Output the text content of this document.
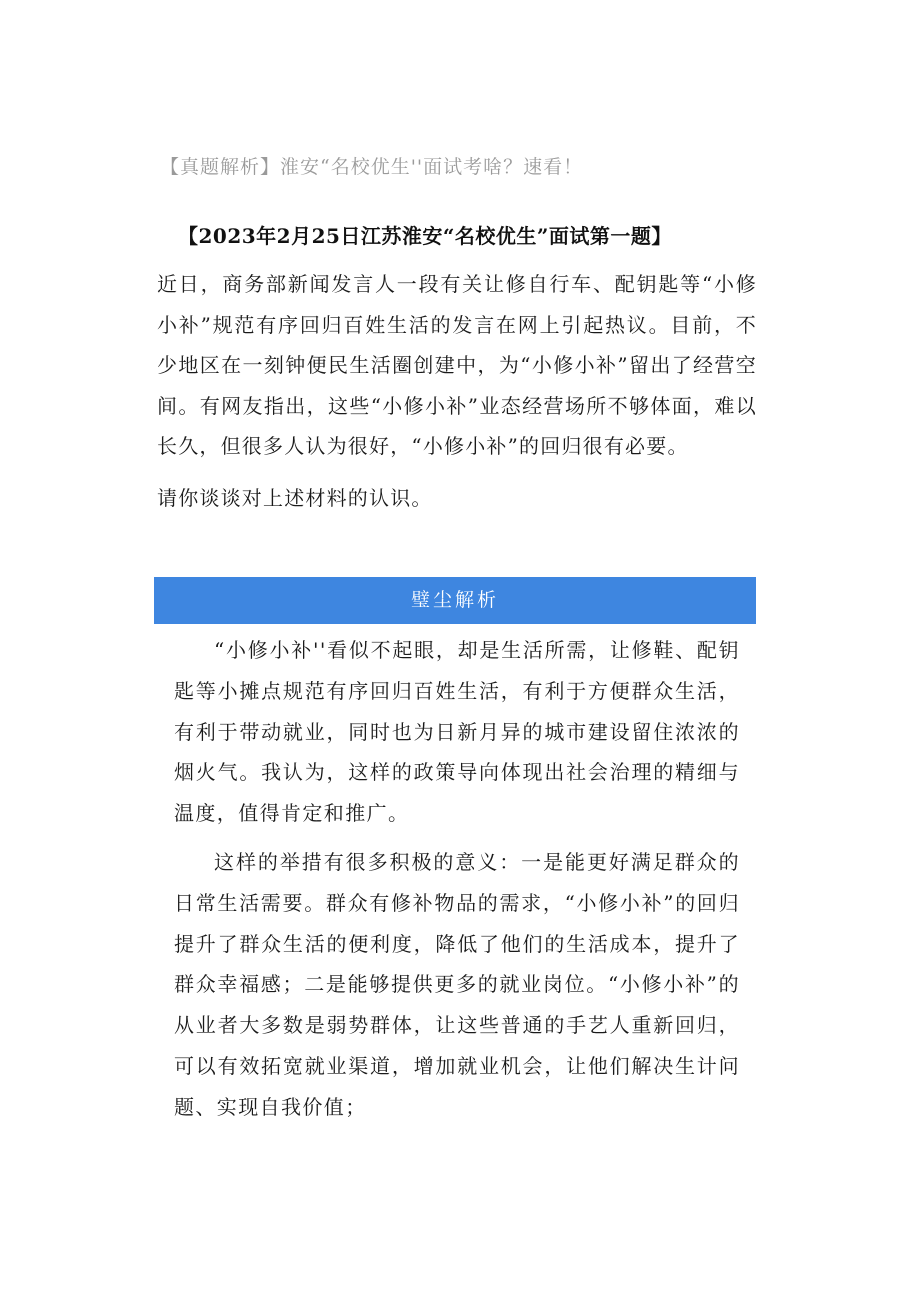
【真题解析】淮安“名校优生''面试考啥？速看！
【2023年2月25日江苏淮安“名校优生”面试第一题】

近日，商务部新闻发言人一段有关让修自行车、配钥匙等“小修小补”规范有序回归百姓生活的发言在网上引起热议。目前，不少地区在一刻钟便民生活圈创建中，为“小修小补”留出了经营空间。有网友指出，这些“小修小补”业态经营场所不够体面，难以长久，但很多人认为很好，“小修小补”的回归很有必要。

请你谈谈对上述材料的认识。

璧尘解析

“小修小补''看似不起眼，却是生活所需，让修鞋、配钥匙等小摊点规范有序回归百姓生活，有利于方便群众生活，有利于带动就业，同时也为日新月异的城市建设留住浓浓的烟火气。我认为，这样的政策导向体现出社会治理的精细与温度，值得肯定和推广。

这样的举措有很多积极的意义：一是能更好满足群众的日常生活需要。群众有修补物品的需求，“小修小补”的回归提升了群众生活的便利度，降低了他们的生活成本，提升了群众幸福感；二是能够提供更多的就业岗位。“小修小补”的从业者大多数是弱势群体，让这些普通的手艺人重新回归，可以有效拓宽就业渠道，增加就业机会，让他们解决生计问题、实现自我价值；
